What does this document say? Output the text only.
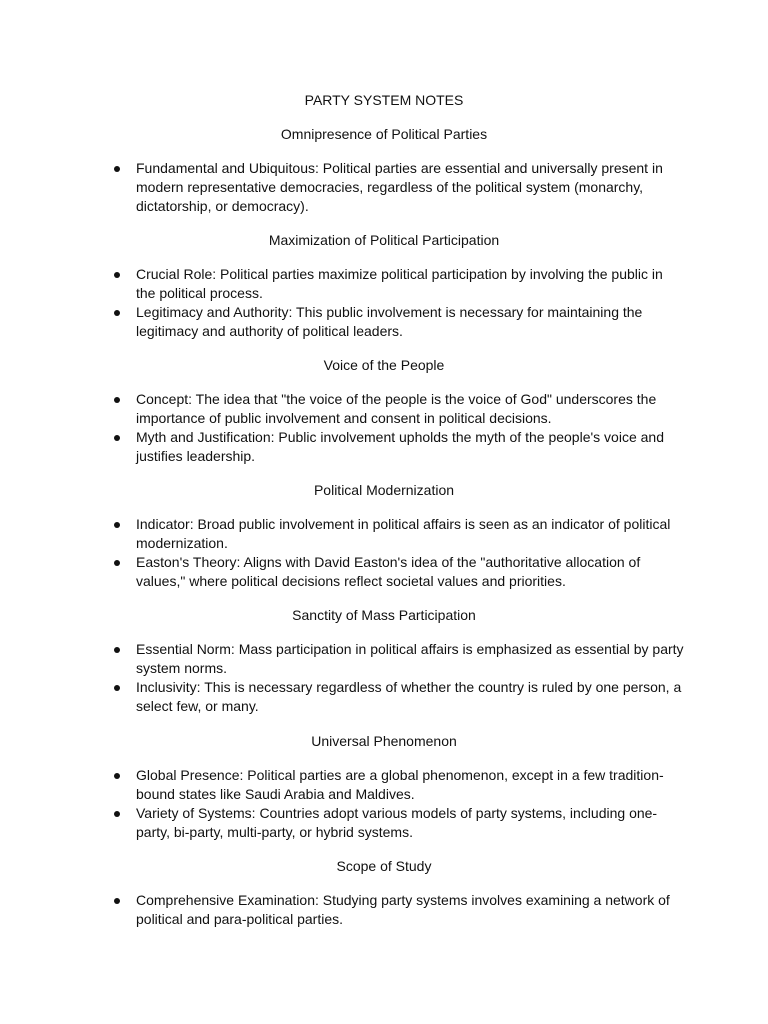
PARTY SYSTEM NOTES
Omnipresence of Political Parties
Fundamental and Ubiquitous: Political parties are essential and universally present in modern representative democracies, regardless of the political system (monarchy, dictatorship, or democracy).
Maximization of Political Participation
Crucial Role: Political parties maximize political participation by involving the public in the political process.
Legitimacy and Authority: This public involvement is necessary for maintaining the legitimacy and authority of political leaders.
Voice of the People
Concept: The idea that "the voice of the people is the voice of God" underscores the importance of public involvement and consent in political decisions.
Myth and Justification: Public involvement upholds the myth of the people's voice and justifies leadership.
Political Modernization
Indicator: Broad public involvement in political affairs is seen as an indicator of political modernization.
Easton's Theory: Aligns with David Easton's idea of the "authoritative allocation of values," where political decisions reflect societal values and priorities.
Sanctity of Mass Participation
Essential Norm: Mass participation in political affairs is emphasized as essential by party system norms.
Inclusivity: This is necessary regardless of whether the country is ruled by one person, a select few, or many.
Universal Phenomenon
Global Presence: Political parties are a global phenomenon, except in a few tradition-bound states like Saudi Arabia and Maldives.
Variety of Systems: Countries adopt various models of party systems, including one-party, bi-party, multi-party, or hybrid systems.
Scope of Study
Comprehensive Examination: Studying party systems involves examining a network of political and para-political parties.
